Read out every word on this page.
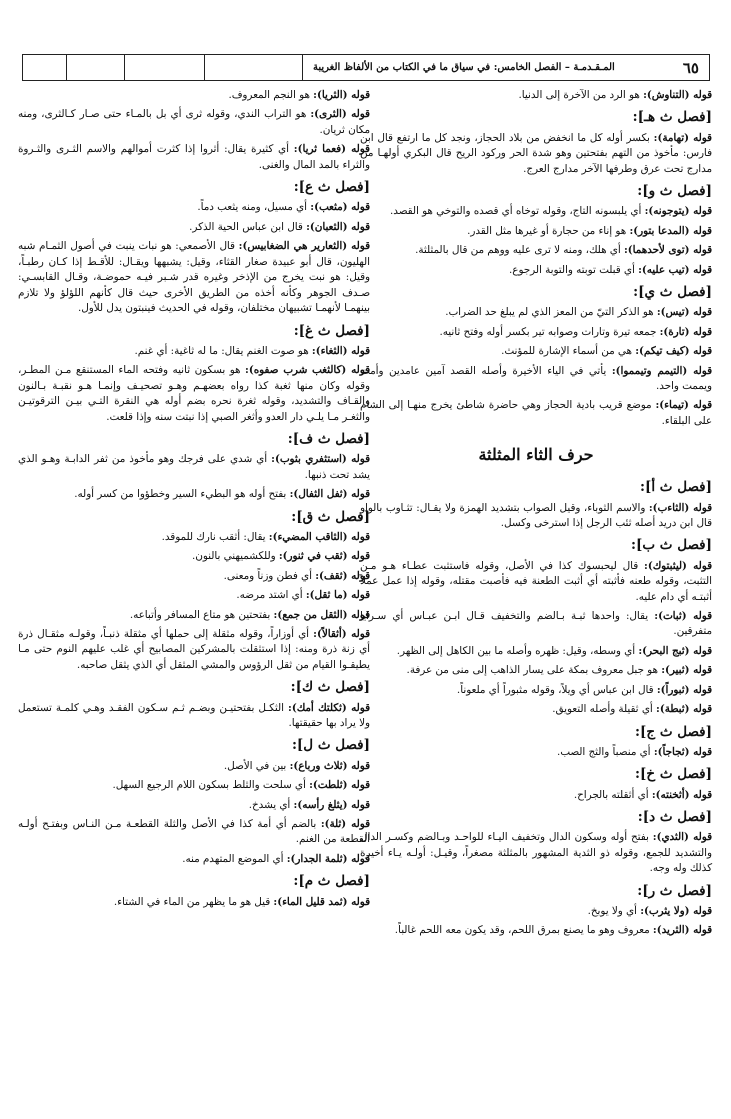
٦٥
المـقـدمـة – الفصل الخامس: في سياق ما في الكتاب من الألفاظ الغريبة
قوله (التناوش): هو الرد من الآخرة إلى الدنيا.
[فصل ث هـ]:
قوله (تهامة): بكسر أوله كل ما انخفض من بلاد الحجاز، ونجد كل ما ارتفع قال ابن فارس: مأخوذ من التهم بفتحتين وهو شدة الحر وركود الريح قال البكري أولهـا من مدارج تحت عرق وطرفها الآخر مدارج العرج.
[فصل ث و]:
قوله (يتوجونه): أي يلبسونه التاج، وقوله توخاه أي قصده والتوخي هو القصد.
قوله (المدعا بتور): هو إناء من حجارة أو غيرها مثل القدر.
قوله (توى لأحدهما): أي هلك، ومنه لا ترى عليه ووهم من قال بالمثلثة.
قوله (تيب عليه): أي قبلت توبته والتوبة الرجوع.
[فصل ث ي]:
قوله (تيس): هو الذكر التيّ من المعز الذي لم يبلغ حد الضراب.
قوله (تارة): جمعه تيرة وتارات وصوابه تير بكسر أوله وفتح ثانيه.
قوله (كيف تيكم): هي من أسماء الإشارة للمؤنث.
قوله (التيمم وتيمموا): يأتي في الياء الأخيرة وأصله القصد آمين عامدين وأمت ويممت واحد.
قوله (تيماء): موضع قريب بادية الحجاز وهي حاضرة شاطئ يخرج منهـا إلى الشام على البلقاء.
حرف الثاء المثلثة
[فصل ث أ]:
قوله (الثاءب): والاسم الثوباء، وقيل الصواب بتشديد الهمزة ولا يقـال: تثـاوب بالواو قال ابن دريد أصله ثئب الرجل إذا استرخى وكسل.
[فصل ث ب]:
قوله (ليثبتوك): قال ليحبسوك كذا في الأصل، وقوله فاستثبت عطـاء هـو مـن التثبت، وقوله طعنه فأثبته أي أثبت الطعنة فيه فأصبت مقتله، وقوله إذا عمل عملاً أثبتـه أي دام عليه.
قوله (ثبات): يقال: واحدها ثبـة بـالضم والتخفيف قـال ابـن عبـاس أي سـرايا متفرقين.
قوله (ثبج البحر): أي وسطه، وقيل: ظهره وأصله ما بين الكاهل إلى الظهر.
قوله (ثبير): هو جبل معروف بمكة على يسار الذاهب إلى منى من عرفة.
قوله (ثبوراً): قال ابن عباس أي ويلاً، وقوله مثبوراً أي ملعوناً.
قوله (ثبطة): أي ثقيلة وأصله التعويق.
[فصل ث ج]:
قوله (ثجاجاً): أي منصباً والثج الصب.
[فصل ث خ]:
قوله (أثخنته): أي أثقلته بالجراح.
[فصل ث د]:
قوله (الثدي): بفتح أوله وسكون الدال وتخفيف اليـاء للواحـد وبـالضم وكسـر الدال والتشديد للجمع، وقوله ذو الثدية المشهور بالمثلثة مصغراً، وقيـل: أولـه يـاء أخيرة كذلك وله وجه.
[فصل ث ر]:
قوله (ولا يثرب): أي ولا يوبخ.
قوله (الثريد): معروف وهو ما يصنع بمرق اللحم، وقد يكون معه اللحم غالباً.
قوله (الثريا): هو النجم المعروف.
قوله (الثرى): هو التراب الندي، وقوله ثرى أي بل بالمـاء حتى صـار كـالثرى، ومنه مكان ثريان.
قوله (فعما ثريا): أي كثيرة يقال: أثروا إذا كثرت أموالهم والاسم الثـرى والثـروة والثراء بالمد المال والغنى.
[فصل ث ع]:
قوله (مثعب): أي مسيل، ومنه يثعب دماً.
قوله (الثعبان): قال ابن عباس الحية الذكر.
قوله (الثعارير هي الضغابيس): قال الأصمعي: هو نبات ينبت في أصول الثمـام شبه الهليون، قال أبو عبيدة صغار القثاء، وقيل: يشبهها ويقـال: للأقـط إذا كـان رطبـاً، وقيل: هو نبت يخرج من الإذخر وغيره قدر شـبر فيـه حموضـة، وقـال القابسـي: صـدف الجوهر وكأنه أخذه من الطريق الأخرى حيث قال كأنهم اللؤلؤ ولا تلازم بينهمـا لأنهمـا تشبيهان مختلفان، وقوله في الحديث فينبتون يدل للأول.
[فصل ث غ]:
قوله (الثغاء): هو صوت الغنم يقال: ما له ثاغية: أي غنم.
قوله (كالثغب شرب صفوه): هو بسكون ثانيه وفتحه الماء المستنقع مـن المطـر، وقوله وكان منها ثغبة كذا رواه بعضهـم وهـو تصحيـف وإنمـا هـو نقبـة بـالنون والقـاف والتشديد، وقوله ثغرة نحره بضم أوله هي النقرة التـي بيـن الترقوتيـن والثغـر مـا يلـي دار العدو وأثغر الصبي إذا نبتت سنه وإذا قلعت.
[فصل ث ف]:
قوله (استثفري بثوب): أي شدي على فرجك وهو مأخوذ من ثفر الدابـة وهـو الذي يشد تحت ذنبها.
قوله (ثفل الثفال): بفتح أوله هو البطيء السير وخطؤوا من كسر أوله.
[فصل ث ق]:
قوله (الثاقب المضيء): يقال: أثقب نارك للموقد.
قوله (ثقب في ثنور): وللكشميهني بالنون.
قوله (ثقف): أي فطن وزناً ومعنى.
قوله (ما ثقل): أي اشتد مرضه.
قوله (الثقل من جمع): بفتحتين هو متاع المسافر وأتباعه.
قوله (أثقالاً): أي أوزاراً، وقوله مثقلة إلى حملها أي مثقلة ذنبـاً، وقولـه مثقـال ذرة أي زنة ذرة ومنه: إذا استثقلت بالمشركين المصابيح أي غلب عليهم النوم حتى مـا يطيقـوا القيام من ثقل الرؤوس والمشي المثقل أي الذي يثقل صاحبه.
[فصل ث ك]:
قوله (ثكلتك أمك): الثكـل بفتحتيـن وبضـم ثـم سـكون الفقـد وهـي كلمـة تستعمل ولا يراد بها حقيقتها.
[فصل ث ل]:
قوله (ثلاث ورباع): بين في الأصل.
قوله (ثلطت): أي سلحت والثلط بسكون اللام الرجيع السهل.
قوله (يثلغ رأسه): أي يشدخ.
قوله (ثلة): بالضم أي أمة كذا في الأصل والثلة القطعـة مـن النـاس وبفتـح أولـه القطعة من الغنم.
قوله (ثلمة الجدار): أي الموضع المتهدم منه.
[فصل ث م]:
قوله (ثمد قليل الماء): قيل هو ما يظهر من الماء في الشتاء.
